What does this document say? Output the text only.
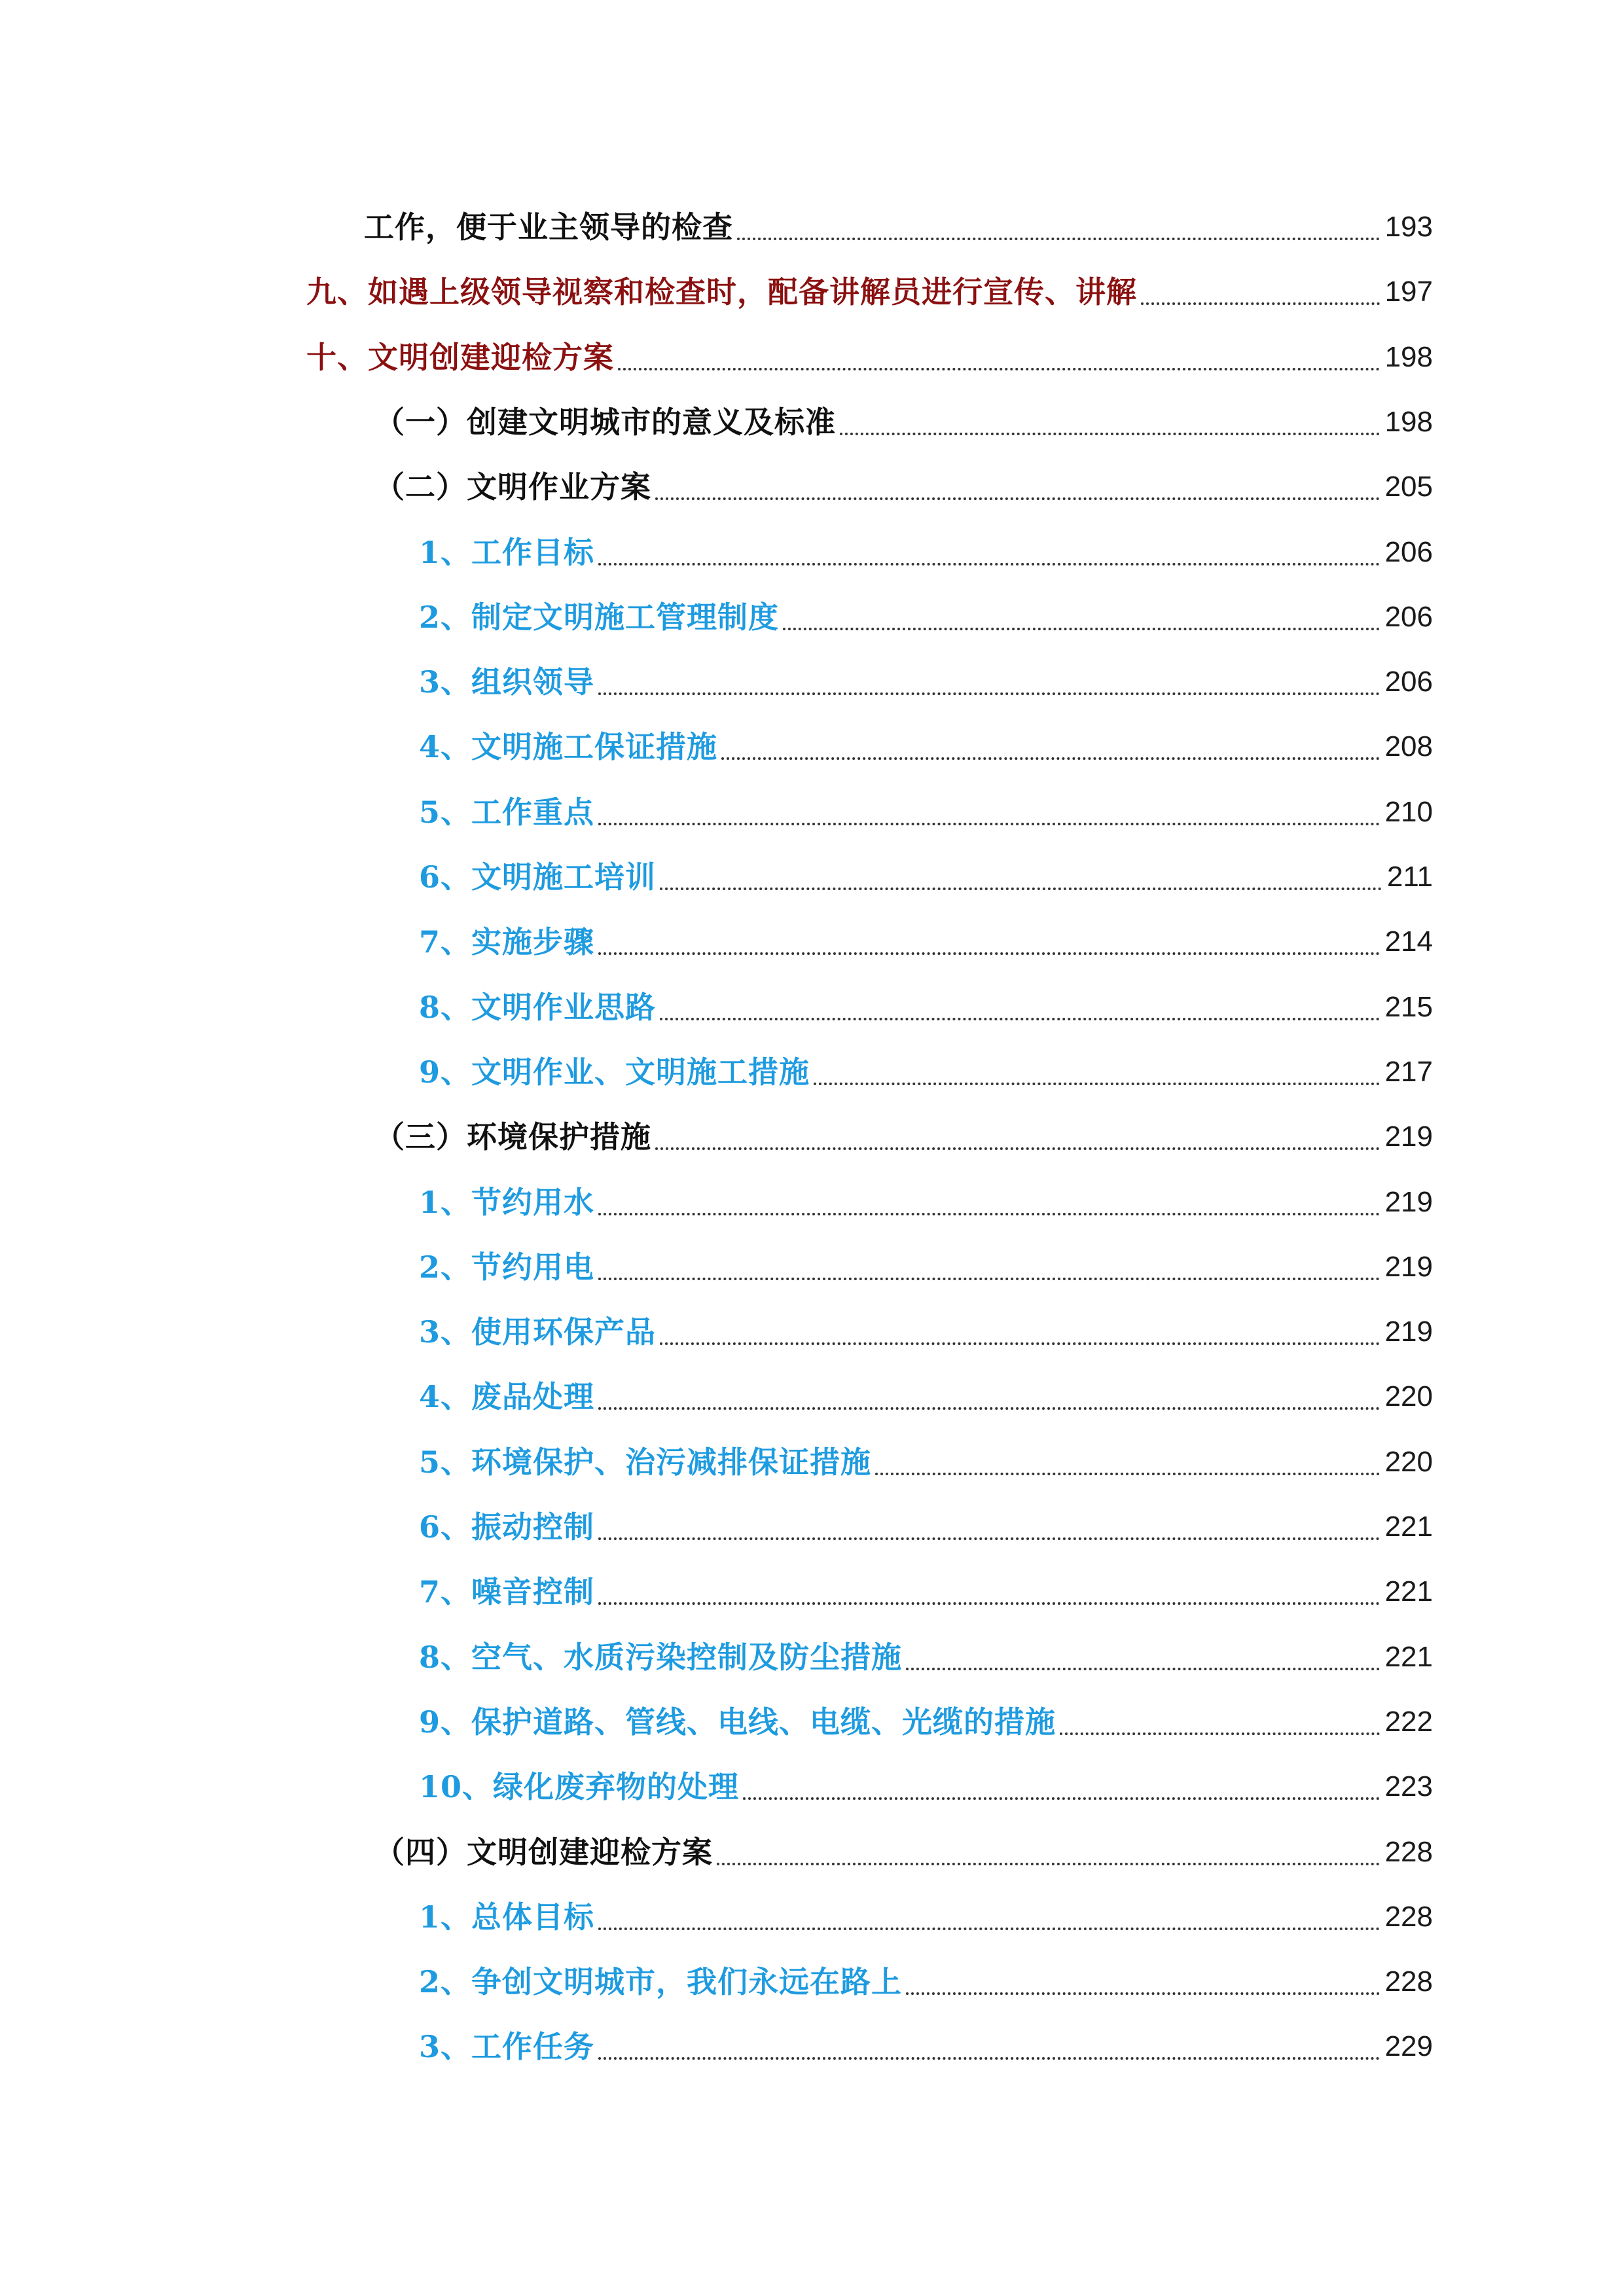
工作，便于业主领导的检查	193
九、如遇上级领导视察和检查时，配备讲解员进行宣传、讲解	197
十、文明创建迎检方案	198
（一）创建文明城市的意义及标准	198
（二）文明作业方案	205
1、工作目标	206
2、制定文明施工管理制度	206
3、组织领导	206
4、文明施工保证措施	208
5、工作重点	210
6、文明施工培训	211
7、实施步骤	214
8、文明作业思路	215
9、文明作业、文明施工措施	217
（三）环境保护措施	219
1、节约用水	219
2、节约用电	219
3、使用环保产品	219
4、废品处理	220
5、环境保护、治污减排保证措施	220
6、振动控制	221
7、噪音控制	221
8、空气、水质污染控制及防尘措施	221
9、保护道路、管线、电线、电缆、光缆的措施	222
10、绿化废弃物的处理	223
（四）文明创建迎检方案	228
1、总体目标	228
2、争创文明城市，我们永远在路上	228
3、工作任务	229
